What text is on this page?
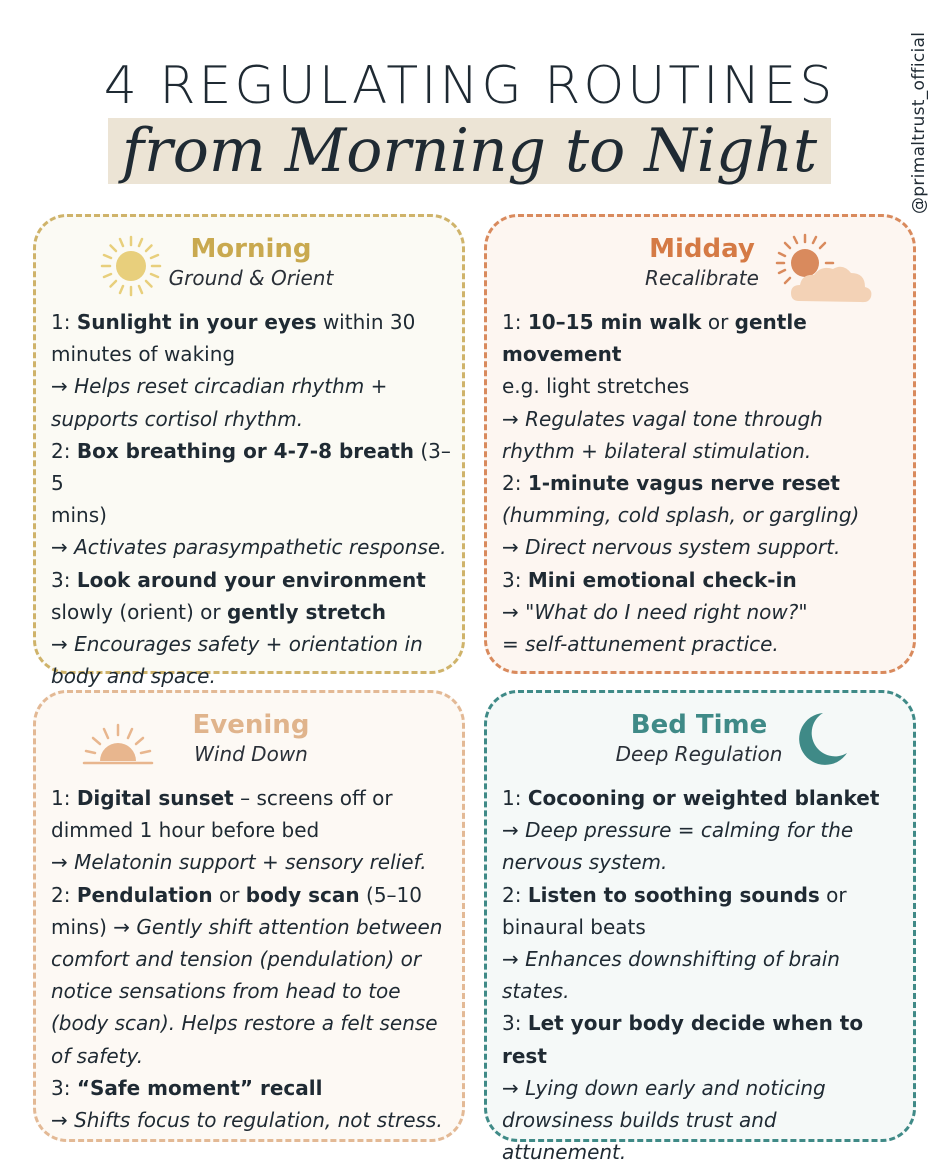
@primaltrust_official
4 REGULATING ROUTINES
from Morning to Night
Morning
Ground & Orient

1: Sunlight in your eyes within 30

minutes of waking

→ Helps reset circadian rhythm +

supports cortisol rhythm.

2: Box breathing or 4-7-8 breath (3–5

mins)

→ Activates parasympathetic response.

3: Look around your environment

slowly (orient) or gently stretch

→ Encourages safety + orientation in

body and space.

Midday
Recalibrate

1: 10–15 min walk or gentle movement

e.g. light stretches

→ Regulates vagal tone through

rhythm + bilateral stimulation.

2: 1-minute vagus nerve reset

(humming, cold splash, or gargling)

→ Direct nervous system support.

3: Mini emotional check-in

→ "What do I need right now?"

= self-attunement practice.

Evening
Wind Down

1: Digital sunset – screens off or

dimmed 1 hour before bed

→ Melatonin support + sensory relief.

2: Pendulation or body scan (5–10

mins) → Gently shift attention between

comfort and tension (pendulation) or

notice sensations from head to toe

(body scan). Helps restore a felt sense

of safety.

3: “Safe moment” recall

→ Shifts focus to regulation, not stress.

Bed Time
Deep Regulation

1: Cocooning or weighted blanket

→ Deep pressure = calming for the

nervous system.

2: Listen to soothing sounds or

binaural beats

→ Enhances downshifting of brain

states.

3: Let your body decide when to rest

→ Lying down early and noticing

drowsiness builds trust and

attunement.
